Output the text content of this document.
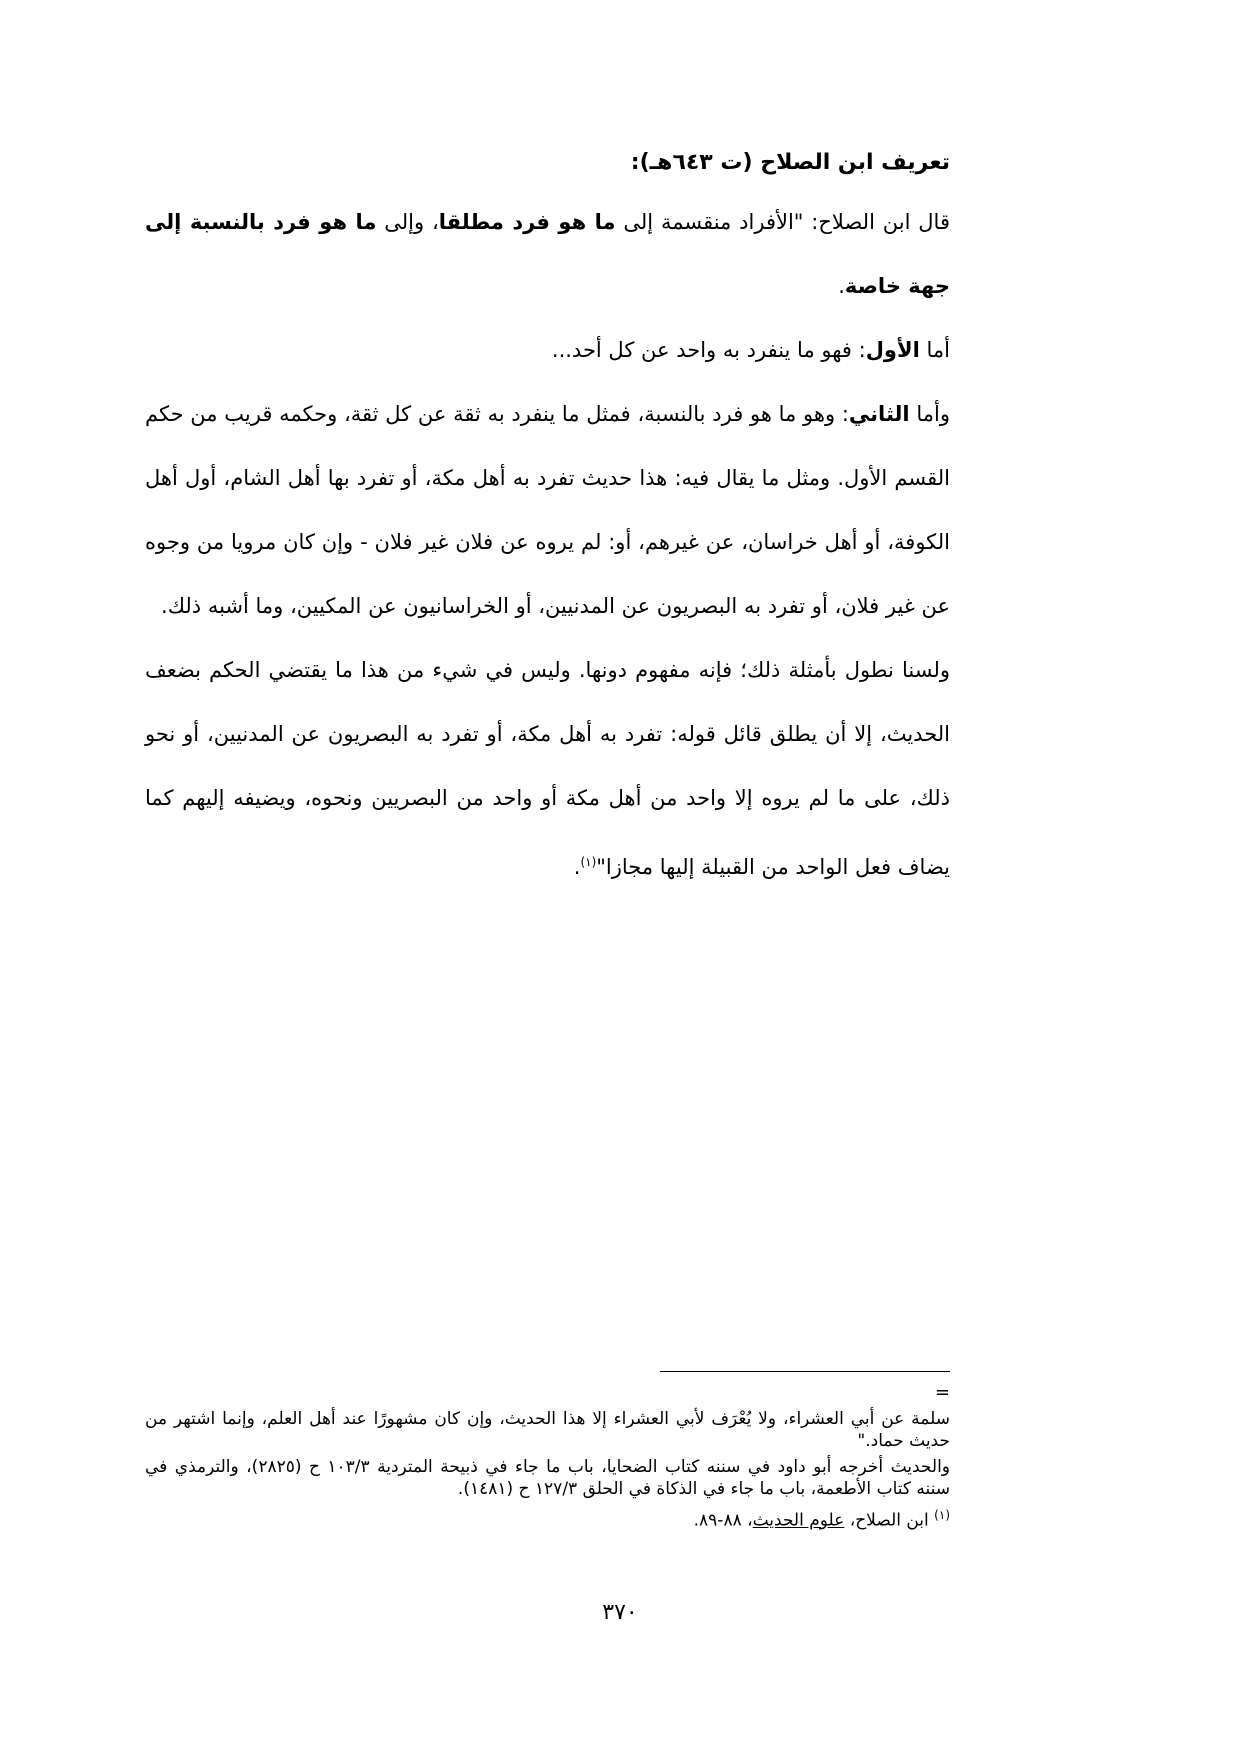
تعريف ابن الصلاح (ت ٦٤٣هـ):

قال ابن الصلاح: "الأفراد منقسمة إلى ما هو فرد مطلقا، وإلى ما هو فرد بالنسبة إلى جهة خاصة.

أما الأول: فهو ما ينفرد به واحد عن كل أحد...

وأما الثاني: وهو ما هو فرد بالنسبة، فمثل ما ينفرد به ثقة عن كل ثقة، وحكمه قريب من حكم القسم الأول. ومثل ما يقال فيه: هذا حديث تفرد به أهل مكة، أو تفرد بها أهل الشام، أول أهل الكوفة، أو أهل خراسان، عن غيرهم، أو: لم يروه عن فلان غير فلان - وإن كان مرويا من وجوه عن غير فلان، أو تفرد به البصريون عن المدنيين، أو الخراسانيون عن المكيين، وما أشبه ذلك.

ولسنا نطول بأمثلة ذلك؛ فإنه مفهوم دونها. وليس في شيء من هذا ما يقتضي الحكم بضعف الحديث، إلا أن يطلق قائل قوله: تفرد به أهل مكة، أو تفرد به البصريون عن المدنيين، أو نحو ذلك، على ما لم يروه إلا واحد من أهل مكة أو واحد من البصريين ونحوه، ويضيفه إليهم كما يضاف فعل الواحد من القبيلة إليها مجازا"$^{(١)}$.

=

سلمة عن أبي العشراء، ولا يُعْرَف لأبي العشراء إلا هذا الحديث، وإن كان مشهورًا عند أهل العلم، وإنما اشتهر من حديث حماد."

والحديث أخرجه أبو داود في سننه كتاب الضحايا، باب ما جاء في ذبيحة المتردية ١٠٣/٣ ح (٢٨٢٥)، والترمذي في سننه كتاب الأطعمة، باب ما جاء في الذكاة في الحلق ١٢٧/٣ ح (١٤٨١).

$^{(١)}$ ابن الصلاح، علوم الحديث، ٨٨-٨٩.

٣٧٠
